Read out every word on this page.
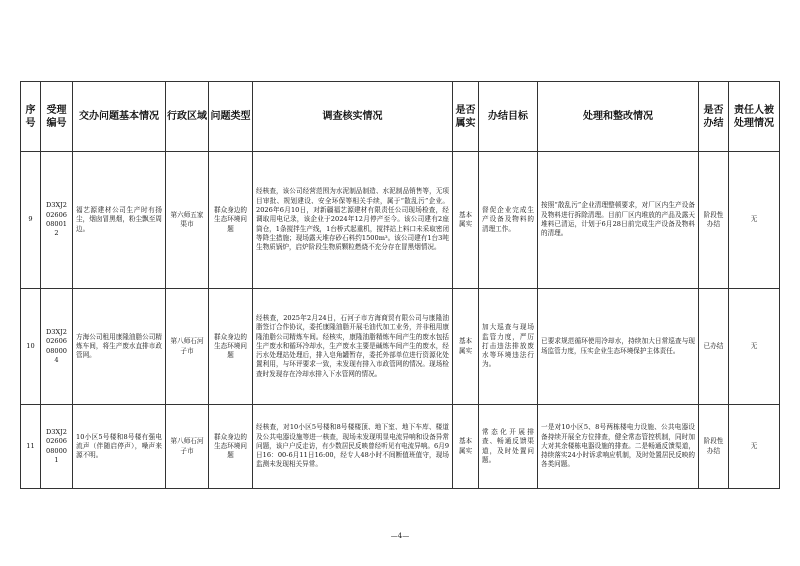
序号	受理编号	交办问题基本情况	行政区域	问题类型	调查核实情况	是否属实	办结目标	处理和整改情况	是否办结	责任人被处理情况
9	D3XJ202606080012	福艺源建材公司生产时有扬尘，烟囱冒黑烟，粉尘飘至周边。	第六师五家渠市	群众身边的生态环境问题	经核查，该公司经营范围为水泥制品制造、水泥制品销售等，无项目审批、规划建设、安全环保等相关手续，属于“散乱污”企业。2026年6月10日，对新疆福艺源建材有限责任公司现场检查，经调取用电记录，该企业于2024年12月停产至今。该公司建有2座筒仓，1条搅拌生产线，1台桥式起重机，搅拌站上料口未采取密闭等降尘措施；现场露天堆存砂石料约1500m³。该公司建有1台3吨生物质锅炉，启炉阶段生物质颗粒燃烧不充分存在冒黑烟情况。	基本属实	督促企业完成生产设备及物料的清理工作。	按照“散乱污”企业清理整顿要求，对厂区内生产设备及物料进行拆除清理。目前厂区内堆放的产品及露天堆料已清运，计划于6月28日前完成生产设备及物料的清理。	阶段性办结	无
10	D3XJ202606080004	方海公司租用康隆油脂公司精炼车间，将生产废水直排市政管网。	第八师石河子市	群众身边的生态环境问题	经核查，2025年2月24日，石河子市方海商贸有限公司与康隆油脂签订合作协议，委托康隆油脂开展毛油代加工业务，并非租用康隆油脂公司精炼车间。经核实，康隆油脂精炼车间产生的废水包括生产废水和循环冷却水，生产废水主要是碱炼车间产生的废水，经污水处理站处理后，排入皂角罐暂存，委托外部单位进行资源化处置利用，与环评要求一致，未发现有排入市政管网的情况。现场检查时发现存在冷却水排入下水管网的情况。	基本属实	加大巡查与现场监管力度，严厉打击违法排放废水等环境违法行为。	已要求规范循环使用冷却水，持续加大日常巡查与现场监管力度，压实企业生态环境保护主体责任。	已办结	无
11	D3XJ202606080001	10小区5号楼和8号楼有强电流声（伴随启停声），噪声来源不明。	第八师石河子市	群众身边的生态环境问题	经核查，对10小区5号楼和8号楼楼顶、地下室、地下车库、楼道及公共电器设施等进一核查，现场未发现明显电流异响和设备异常问题，该户户反走访，有少数居民反映曾经听见有电流异响。6月9日16：00-6月11日16:00，经专人48小时不间断值班值守，现场监测未发现相关异常。	基本属实	常态化开展排查、畅通反馈渠道，及时处置问题。	一是对10小区5、8号两栋楼电力设施、公共电器设备持续开展全方位排查，健全常态管控机制，同时加大对其余楼栋电器设施的排查。二是畅通反馈渠道，持续落实24小时诉求响应机制，及时处置居民反映的各类问题。	阶段性办结	无
—4—
